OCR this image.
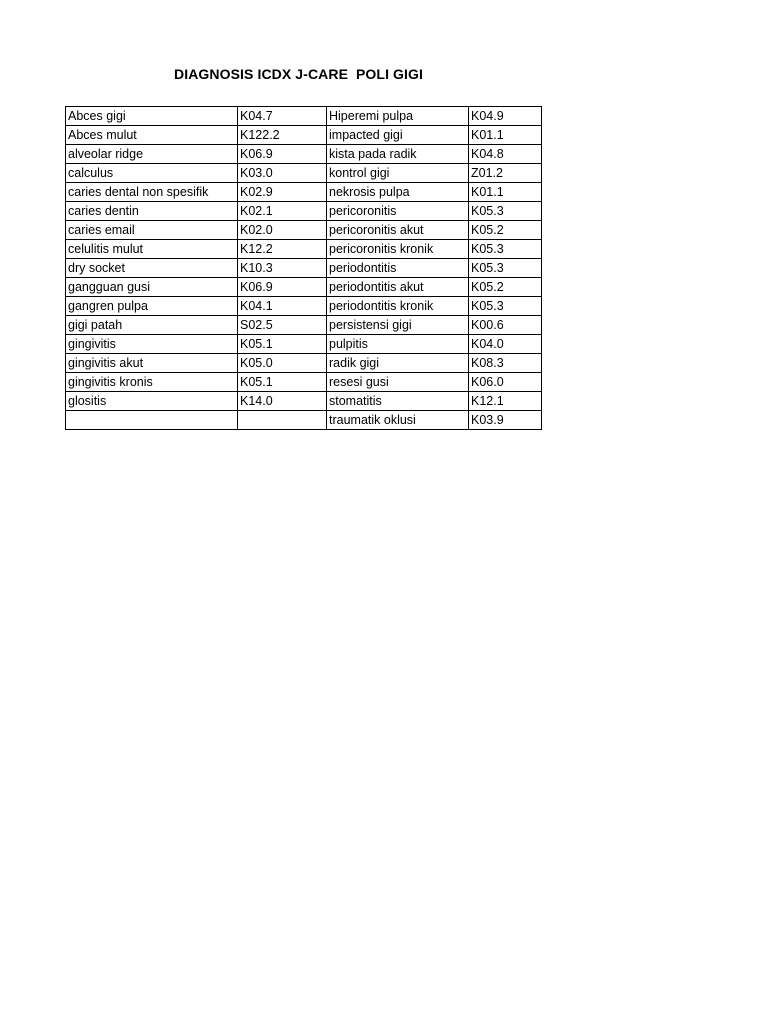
DIAGNOSIS ICDX J-CARE  POLI GIGI
Abces gigi	K04.7	Hiperemi pulpa	K04.9
Abces mulut	K122.2	impacted gigi	K01.1
alveolar ridge	K06.9	kista pada radik	K04.8
calculus	K03.0	kontrol gigi	Z01.2
caries dental non spesifik	K02.9	nekrosis pulpa	K01.1
caries dentin	K02.1	pericoronitis	K05.3
caries email	K02.0	pericoronitis akut	K05.2
celulitis mulut	K12.2	pericoronitis kronik	K05.3
dry socket	K10.3	periodontitis	K05.3
gangguan gusi	K06.9	periodontitis akut	K05.2
gangren pulpa	K04.1	periodontitis kronik	K05.3
gigi patah	S02.5	persistensi gigi	K00.6
gingivitis	K05.1	pulpitis	K04.0
gingivitis akut	K05.0	radik gigi	K08.3
gingivitis kronis	K05.1	resesi gusi	K06.0
glositis	K14.0	stomatitis	K12.1
		traumatik oklusi	K03.9
